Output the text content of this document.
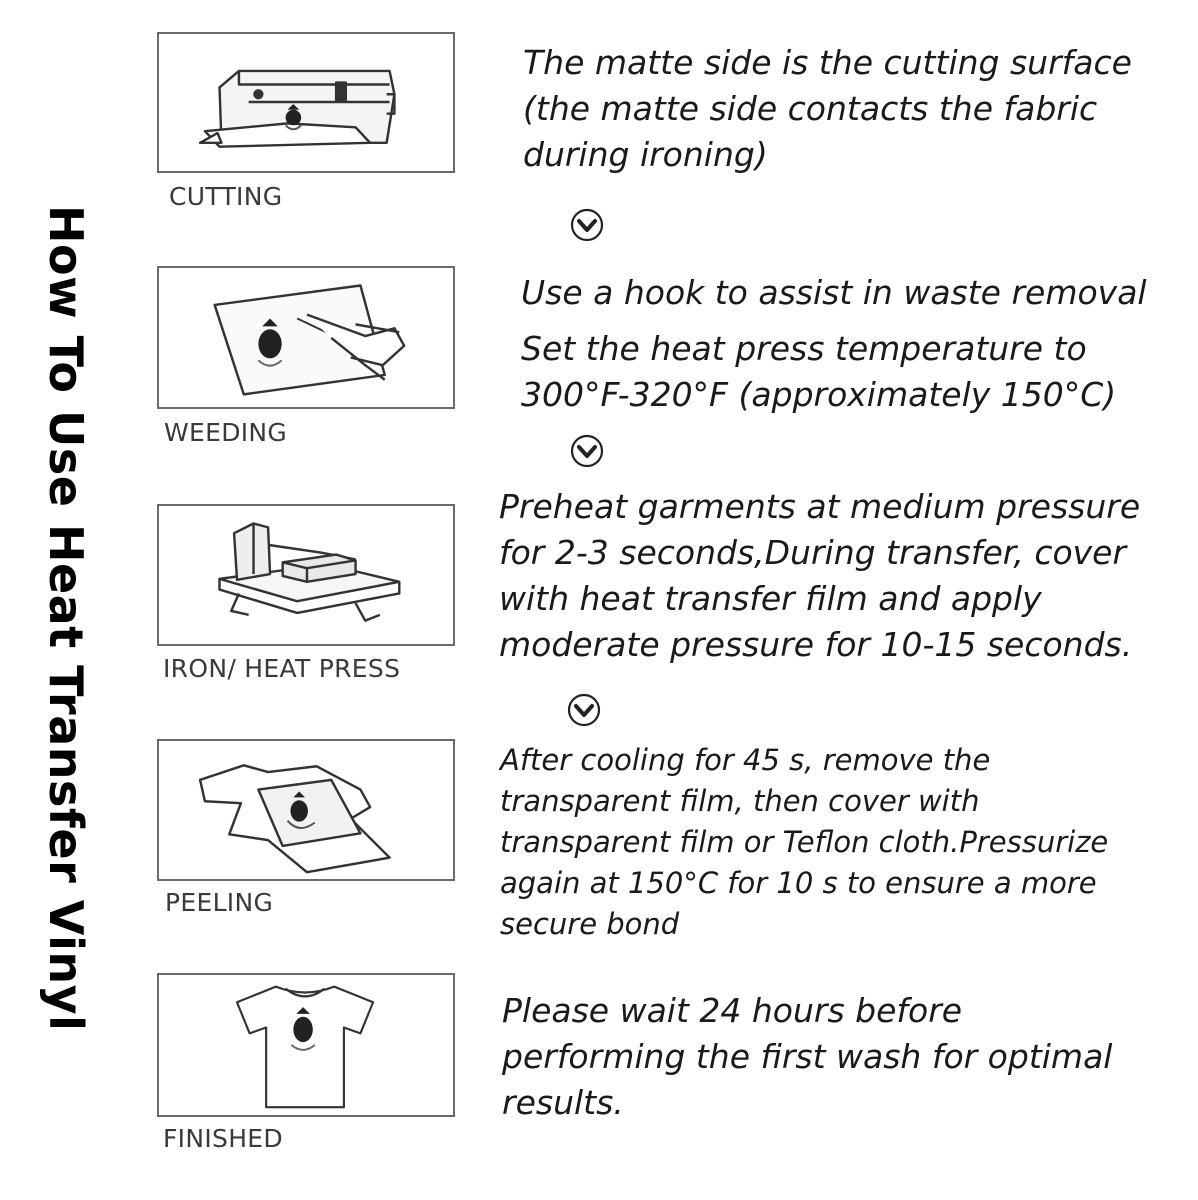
How To Use Heat Transfer Vinyl
CUTTING
The matte side is the cutting surface
(the matte side contacts the fabric
during ironing)
WEEDING
Use a hook to assist in waste removal
Set the heat press temperature to
300°F-320°F (approximately 150°C)
IRON/ HEAT PRESS
Preheat garments at medium pressure
for 2-3 seconds,During transfer, cover
with heat transfer film and apply
moderate pressure for 10-15 seconds.
PEELING
After cooling for 45 s, remove the
transparent film, then cover with
transparent film or Teflon cloth.Pressurize
again at 150°C for 10 s to ensure a more
secure bond
FINISHED
Please wait 24 hours before
performing the first wash for optimal
results.
